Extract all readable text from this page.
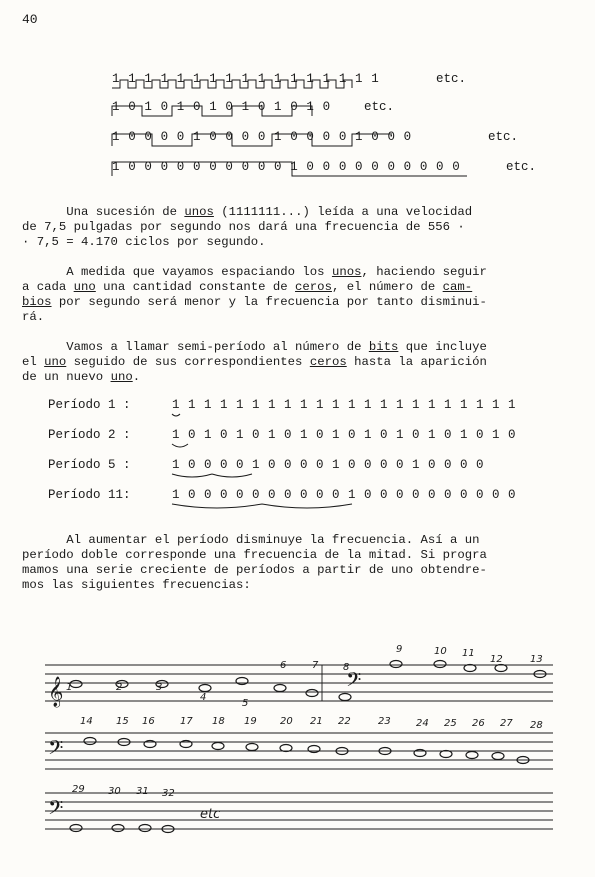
40
1 1 1 1 1 1 1 1 1 1 1 1 1 1 1 1 1	etc.
1 0 1 0 1 0 1 0 1 0 1 0 1 0	etc.
1 0 0 0 0 1 0 0 0 0 1 0 0 0 0 1 0 0 0	etc.
1 0 0 0 0 0 0 0 0 0 0 1 0 0 0 0 0 0 0 0 0 0	etc.
Una sucesión de unos (1111111...) leída a una velocidad
de 7,5 pulgadas por segundo nos dará una frecuencia de 556 ·
· 7,5 = 4.170 ciclos por segundo.
A medida que vayamos espaciando los unos, haciendo seguir
a cada uno una cantidad constante de ceros, el número de cam-
bios por segundo será menor y la frecuencia por tanto disminui-
rá.
Vamos a llamar semi-período al número de bits que incluye
el uno seguido de sus correspondientes ceros hasta la aparición
de un nuevo uno.
Período 1 :	1 1 1 1 1 1 1 1 1 1 1 1 1 1 1 1 1 1 1 1 1 1
Período 2 :	1 0 1 0 1 0 1 0 1 0 1 0 1 0 1 0 1 0 1 0 1 0
Período 5 :	1 0 0 0 0 1 0 0 0 0 1 0 0 0 0 1 0 0 0 0
Período 11:	1 0 0 0 0 0 0 0 0 0 0 1 0 0 0 0 0 0 0 0 0 0
Al aumentar el período disminuye la frecuencia. Así a un
período doble corresponde una frecuencia de la mitad. Si progra
mamos una serie creciente de períodos a partir de uno obtendre-
mos las siguientes frecuencias:
𝄞	𝄢
𝄢
𝄢
1	2	3
4
5
6	7 8
9	10 11
12	13
14 15 16	17 18 19 20 21 22	23	24 25 26 27 28
29 30 31 32
etc
